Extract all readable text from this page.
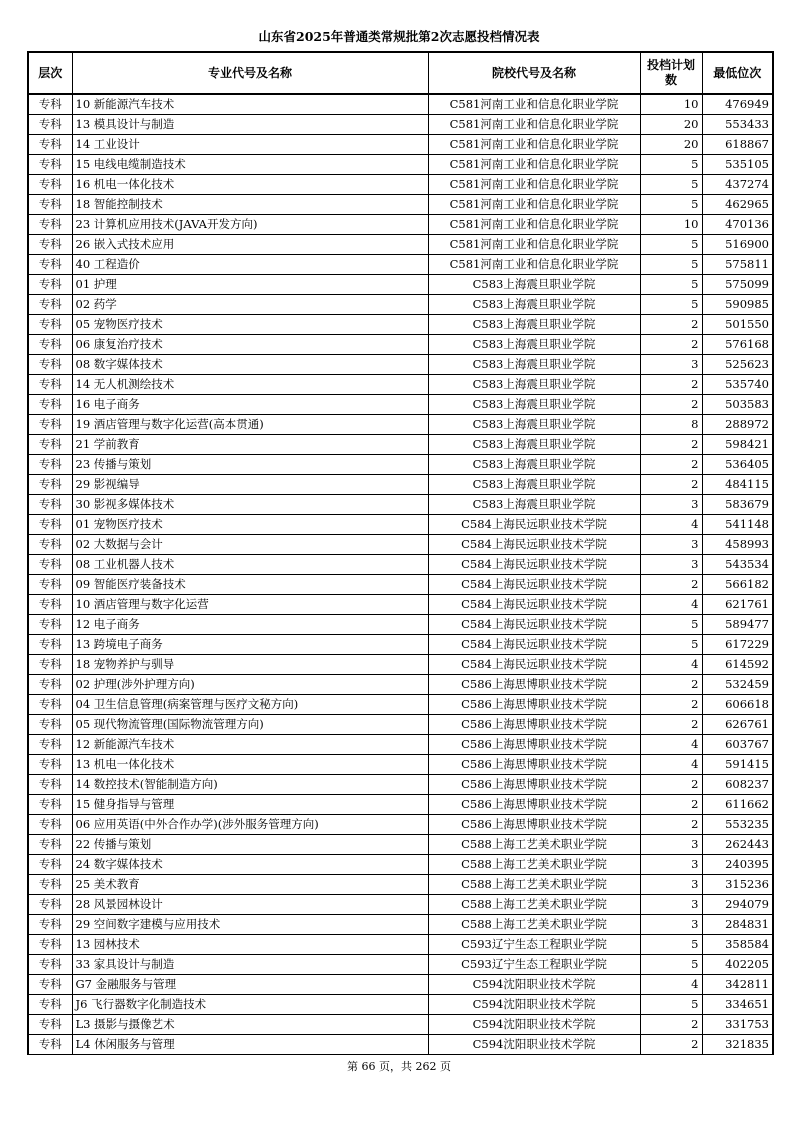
山东省2025年普通类常规批第2次志愿投档情况表
层次	专业代号及名称	院校代号及名称	投档计划数	最低位次
专科	10 新能源汽车技术	C581河南工业和信息化职业学院	10	476949
专科	13 模具设计与制造	C581河南工业和信息化职业学院	20	553433
专科	14 工业设计	C581河南工业和信息化职业学院	20	618867
专科	15 电线电缆制造技术	C581河南工业和信息化职业学院	5	535105
专科	16 机电一体化技术	C581河南工业和信息化职业学院	5	437274
专科	18 智能控制技术	C581河南工业和信息化职业学院	5	462965
专科	23 计算机应用技术(JAVA开发方向)	C581河南工业和信息化职业学院	10	470136
专科	26 嵌入式技术应用	C581河南工业和信息化职业学院	5	516900
专科	40 工程造价	C581河南工业和信息化职业学院	5	575811
专科	01 护理	C583上海震旦职业学院	5	575099
专科	02 药学	C583上海震旦职业学院	5	590985
专科	05 宠物医疗技术	C583上海震旦职业学院	2	501550
专科	06 康复治疗技术	C583上海震旦职业学院	2	576168
专科	08 数字媒体技术	C583上海震旦职业学院	3	525623
专科	14 无人机测绘技术	C583上海震旦职业学院	2	535740
专科	16 电子商务	C583上海震旦职业学院	2	503583
专科	19 酒店管理与数字化运营(高本贯通)	C583上海震旦职业学院	8	288972
专科	21 学前教育	C583上海震旦职业学院	2	598421
专科	23 传播与策划	C583上海震旦职业学院	2	536405
专科	29 影视编导	C583上海震旦职业学院	2	484115
专科	30 影视多媒体技术	C583上海震旦职业学院	3	583679
专科	01 宠物医疗技术	C584上海民远职业技术学院	4	541148
专科	02 大数据与会计	C584上海民远职业技术学院	3	458993
专科	08 工业机器人技术	C584上海民远职业技术学院	3	543534
专科	09 智能医疗装备技术	C584上海民远职业技术学院	2	566182
专科	10 酒店管理与数字化运营	C584上海民远职业技术学院	4	621761
专科	12 电子商务	C584上海民远职业技术学院	5	589477
专科	13 跨境电子商务	C584上海民远职业技术学院	5	617229
专科	18 宠物养护与驯导	C584上海民远职业技术学院	4	614592
专科	02 护理(涉外护理方向)	C586上海思博职业技术学院	2	532459
专科	04 卫生信息管理(病案管理与医疗文秘方向)	C586上海思博职业技术学院	2	606618
专科	05 现代物流管理(国际物流管理方向)	C586上海思博职业技术学院	2	626761
专科	12 新能源汽车技术	C586上海思博职业技术学院	4	603767
专科	13 机电一体化技术	C586上海思博职业技术学院	4	591415
专科	14 数控技术(智能制造方向)	C586上海思博职业技术学院	2	608237
专科	15 健身指导与管理	C586上海思博职业技术学院	2	611662
专科	06 应用英语(中外合作办学)(涉外服务管理方向)	C586上海思博职业技术学院	2	553235
专科	22 传播与策划	C588上海工艺美术职业学院	3	262443
专科	24 数字媒体技术	C588上海工艺美术职业学院	3	240395
专科	25 美术教育	C588上海工艺美术职业学院	3	315236
专科	28 风景园林设计	C588上海工艺美术职业学院	3	294079
专科	29 空间数字建模与应用技术	C588上海工艺美术职业学院	3	284831
专科	13 园林技术	C593辽宁生态工程职业学院	5	358584
专科	33 家具设计与制造	C593辽宁生态工程职业学院	5	402205
专科	G7 金融服务与管理	C594沈阳职业技术学院	4	342811
专科	J6 飞行器数字化制造技术	C594沈阳职业技术学院	5	334651
专科	L3 摄影与摄像艺术	C594沈阳职业技术学院	2	331753
专科	L4 休闲服务与管理	C594沈阳职业技术学院	2	321835
第 66 页，共 262 页
